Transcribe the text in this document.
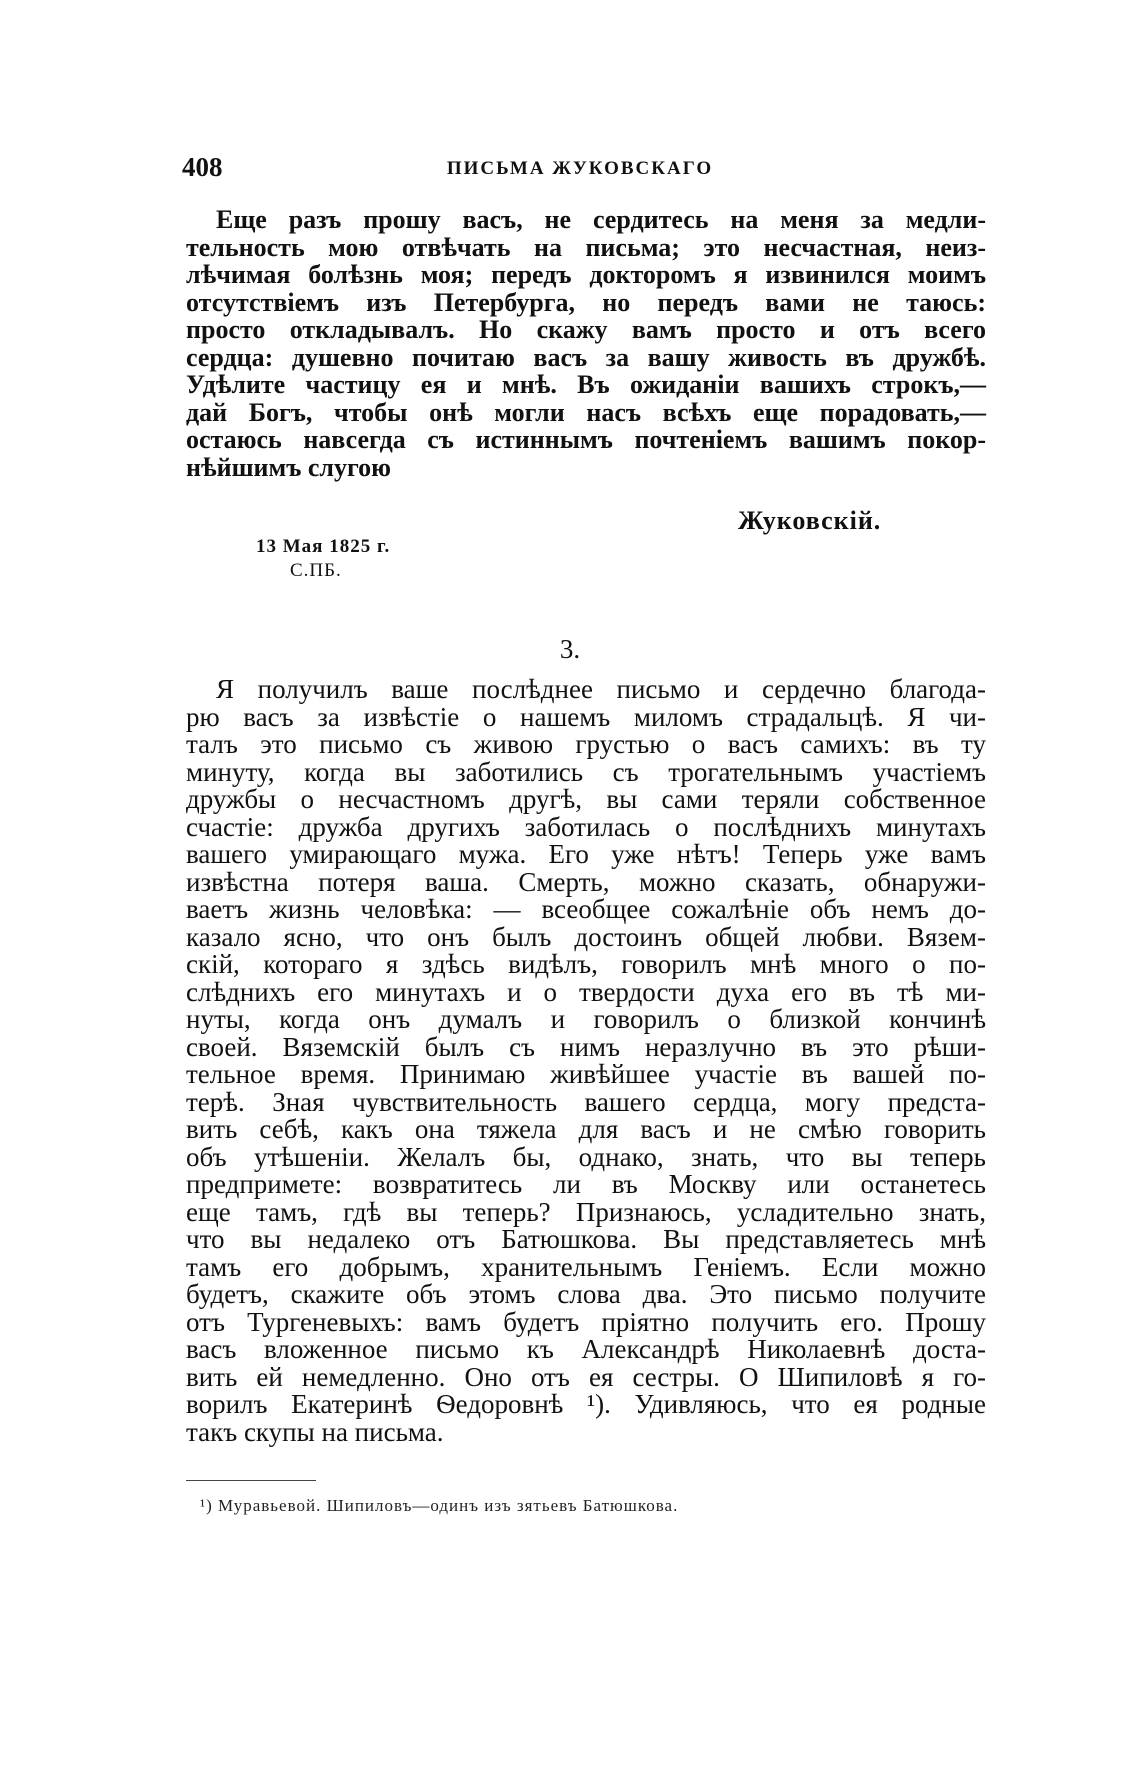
408	ПИСЬМА ЖУКОВСКАГО
Еще разъ прошу васъ, не сердитесь на меня за медли-
тельность мою отвѣчать на письма; это несчастная, неиз-
лѣчимая болѣзнь моя; передъ докторомъ я извинился моимъ
отсутствіемъ изъ Петербурга, но передъ вами не таюсь:
просто откладывалъ. Но скажу вамъ просто и отъ всего
сердца: душевно почитаю васъ за вашу живость въ дружбѣ.
Удѣлите частицу ея и мнѣ. Въ ожиданіи вашихъ строкъ,—
дай Богъ, чтобы онѣ могли насъ всѣхъ еще порадовать,—
остаюсь навсегда съ истиннымъ почтеніемъ вашимъ покор-
нѣйшимъ слугою
Жуковскій.
13 Мая 1825 г.
С.ПБ.
3.
Я получилъ ваше послѣднее письмо и сердечно благода-
рю васъ за извѣстіе о нашемъ миломъ страдальцѣ. Я чи-
талъ это письмо съ живою грустью о васъ самихъ: въ ту
минуту, когда вы заботились съ трогательнымъ участіемъ
дружбы о несчастномъ другѣ, вы сами теряли собственное
счастіе: дружба другихъ заботилась о послѣднихъ минутахъ
вашего умирающаго мужа. Его уже нѣтъ! Теперь уже вамъ
извѣстна потеря ваша. Смерть, можно сказать, обнаружи-
ваетъ жизнь человѣка: — всеобщее сожалѣніе объ немъ до-
казало ясно, что онъ былъ достоинъ общей любви. Вязем-
скій, котораго я здѣсь видѣлъ, говорилъ мнѣ много о по-
слѣднихъ его минутахъ и о твердости духа его въ тѣ ми-
нуты, когда онъ думалъ и говорилъ о близкой кончинѣ
своей. Вяземскій былъ съ нимъ неразлучно въ это рѣши-
тельное время. Принимаю живѣйшее участіе въ вашей по-
терѣ. Зная чувствительность вашего сердца, могу предста-
вить себѣ, какъ она тяжела для васъ и не смѣю говорить
объ утѣшеніи. Желалъ бы, однако, знать, что вы теперь
предпримете: возвратитесь ли въ Москву или останетесь
еще тамъ, гдѣ вы теперь? Признаюсь, усладительно знать,
что вы недалеко отъ Батюшкова. Вы представляетесь мнѣ
тамъ его добрымъ, хранительнымъ Геніемъ. Если можно
будетъ, скажите объ этомъ слова два. Это письмо получите
отъ Тургеневыхъ: вамъ будетъ пріятно получить его. Прошу
васъ вложенное письмо къ Александрѣ Николаевнѣ доста-
вить ей немедленно. Оно отъ ея сестры. О Шипиловѣ я го-
ворилъ Екатеринѣ Ѳедоровнѣ ¹). Удивляюсь, что ея родные
такъ скупы на письма.
¹) Муравьевой. Шипиловъ—одинъ изъ зятьевъ Батюшкова.
